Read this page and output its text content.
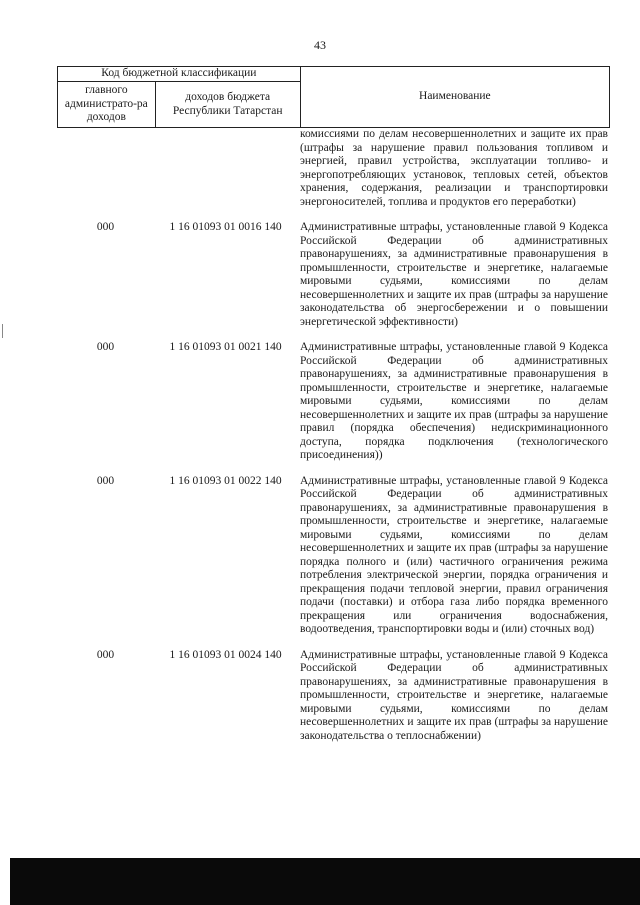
43
Код бюджетной классификации		Наименование
главного администрато-ра доходов	доходов бюджета Республики Татарстан	
комиссиями по делам несовершеннолетних и защите их прав (штрафы за нарушение правил пользования топливом и энергией, правил устройства, эксплуатации топливо- и энергопотребляющих установок, тепловых сетей, объектов хранения, содержания, реализации и транспортировки энергоносителей, топлива и продуктов его переработки)
000	1 16 01093 01 0016 140	Административные штрафы, установленные главой 9 Кодекса Российской Федерации об административных правонарушениях, за административные правонарушения в промышленности, строительстве и энергетике, налагаемые мировыми судьями, комиссиями по делам несовершеннолетних и защите их прав (штрафы за нарушение законодательства об энергосбережении и о повышении энергетической эффективности)
000	1 16 01093 01 0021 140	Административные штрафы, установленные главой 9 Кодекса Российской Федерации об административных правонарушениях, за административные правонарушения в промышленности, строительстве и энергетике, налагаемые мировыми судьями, комиссиями по делам несовершеннолетних и защите их прав (штрафы за нарушение правил (порядка обеспечения) недискриминационного доступа, порядка подключения (технологического присоединения))
000	1 16 01093 01 0022 140	Административные штрафы, установленные главой 9 Кодекса Российской Федерации об административных правонарушениях, за административные правонарушения в промышленности, строительстве и энергетике, налагаемые мировыми судьями, комиссиями по делам несовершеннолетних и защите их прав (штрафы за нарушение порядка полного и (или) частичного ограничения режима потребления электрической энергии, порядка ограничения и прекращения подачи тепловой энергии, правил ограничения подачи (поставки) и отбора газа либо порядка временного прекращения или ограничения водоснабжения, водоотведения, транспортировки воды и (или) сточных вод)
000	1 16 01093 01 0024 140	Административные штрафы, установленные главой 9 Кодекса Российской Федерации об административных правонарушениях, за административные правонарушения в промышленности, строительстве и энергетике, налагаемые мировыми судьями, комиссиями по делам несовершеннолетних и защите их прав (штрафы за нарушение законодательства о теплоснабжении)
